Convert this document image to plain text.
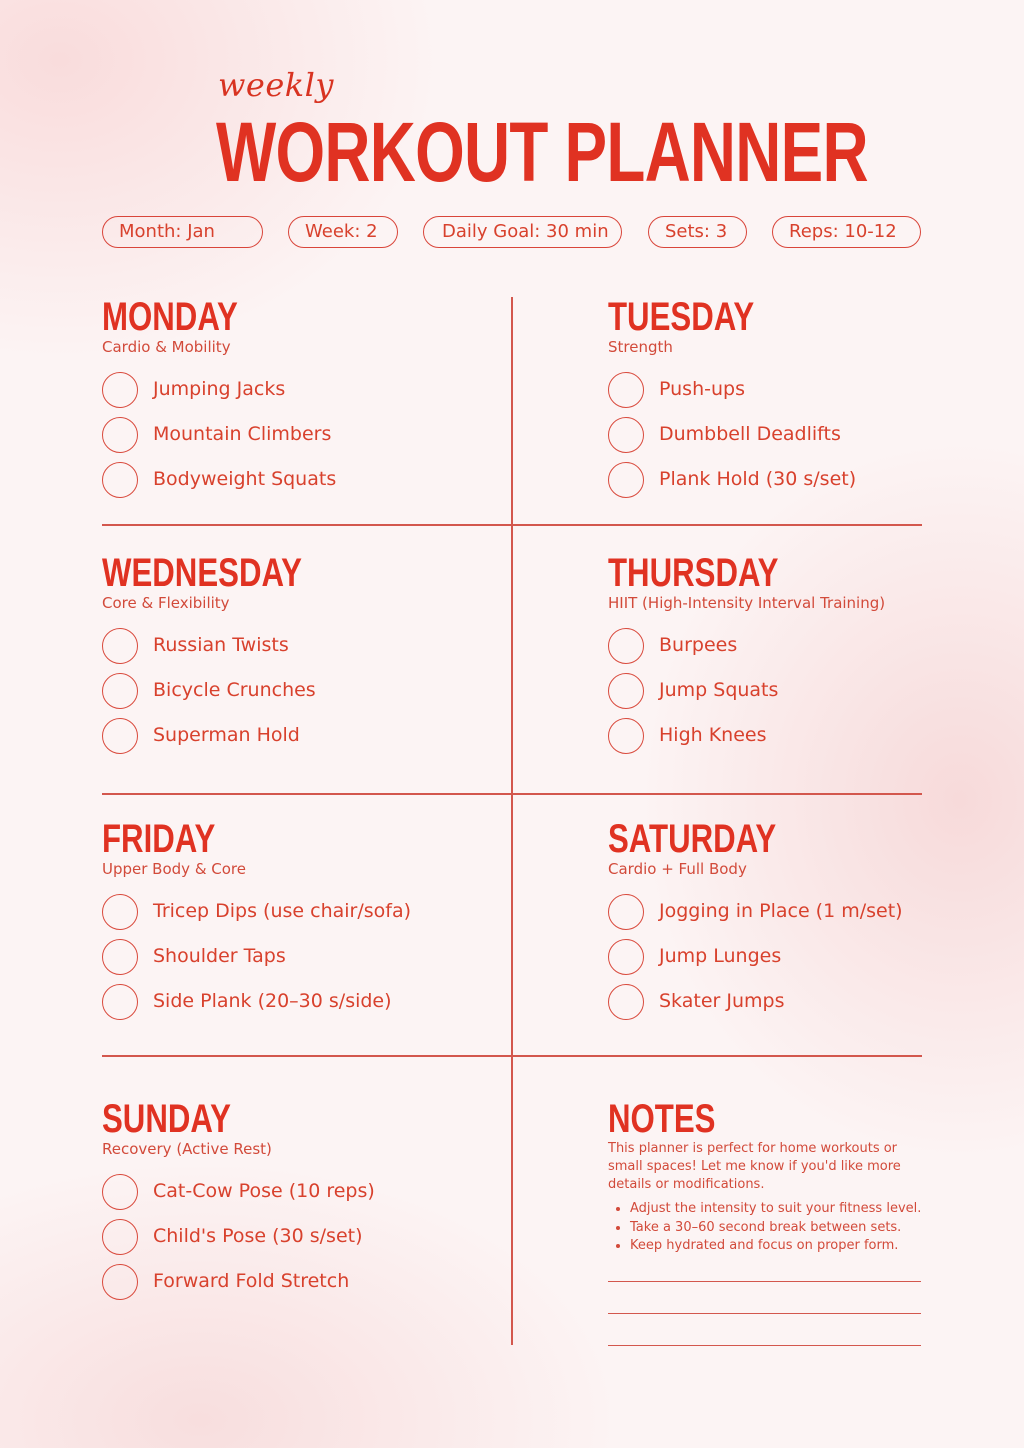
weekly
WORKOUT PLANNER
Month: Jan	Week: 2	Daily Goal: 30 min	Sets: 3	Reps: 10-12
MONDAY
Cardio & Mobility
Jumping Jacks
Mountain Climbers
Bodyweight Squats
TUESDAY
Strength
Push-ups
Dumbbell Deadlifts
Plank Hold (30 s/set)
WEDNESDAY
Core & Flexibility
Russian Twists
Bicycle Crunches
Superman Hold
THURSDAY
HIIT (High-Intensity Interval Training)
Burpees
Jump Squats
High Knees
FRIDAY
Upper Body & Core
Tricep Dips (use chair/sofa)
Shoulder Taps
Side Plank (20–30 s/side)
SATURDAY
Cardio + Full Body
Jogging in Place (1 m/set)
Jump Lunges
Skater Jumps
SUNDAY
Recovery (Active Rest)
Cat-Cow Pose (10 reps)
Child's Pose (30 s/set)
Forward Fold Stretch
NOTES
This planner is perfect for home workouts or small spaces! Let me know if you'd like more details or modifications.
• Adjust the intensity to suit your fitness level.
• Take a 30–60 second break between sets.
• Keep hydrated and focus on proper form.
